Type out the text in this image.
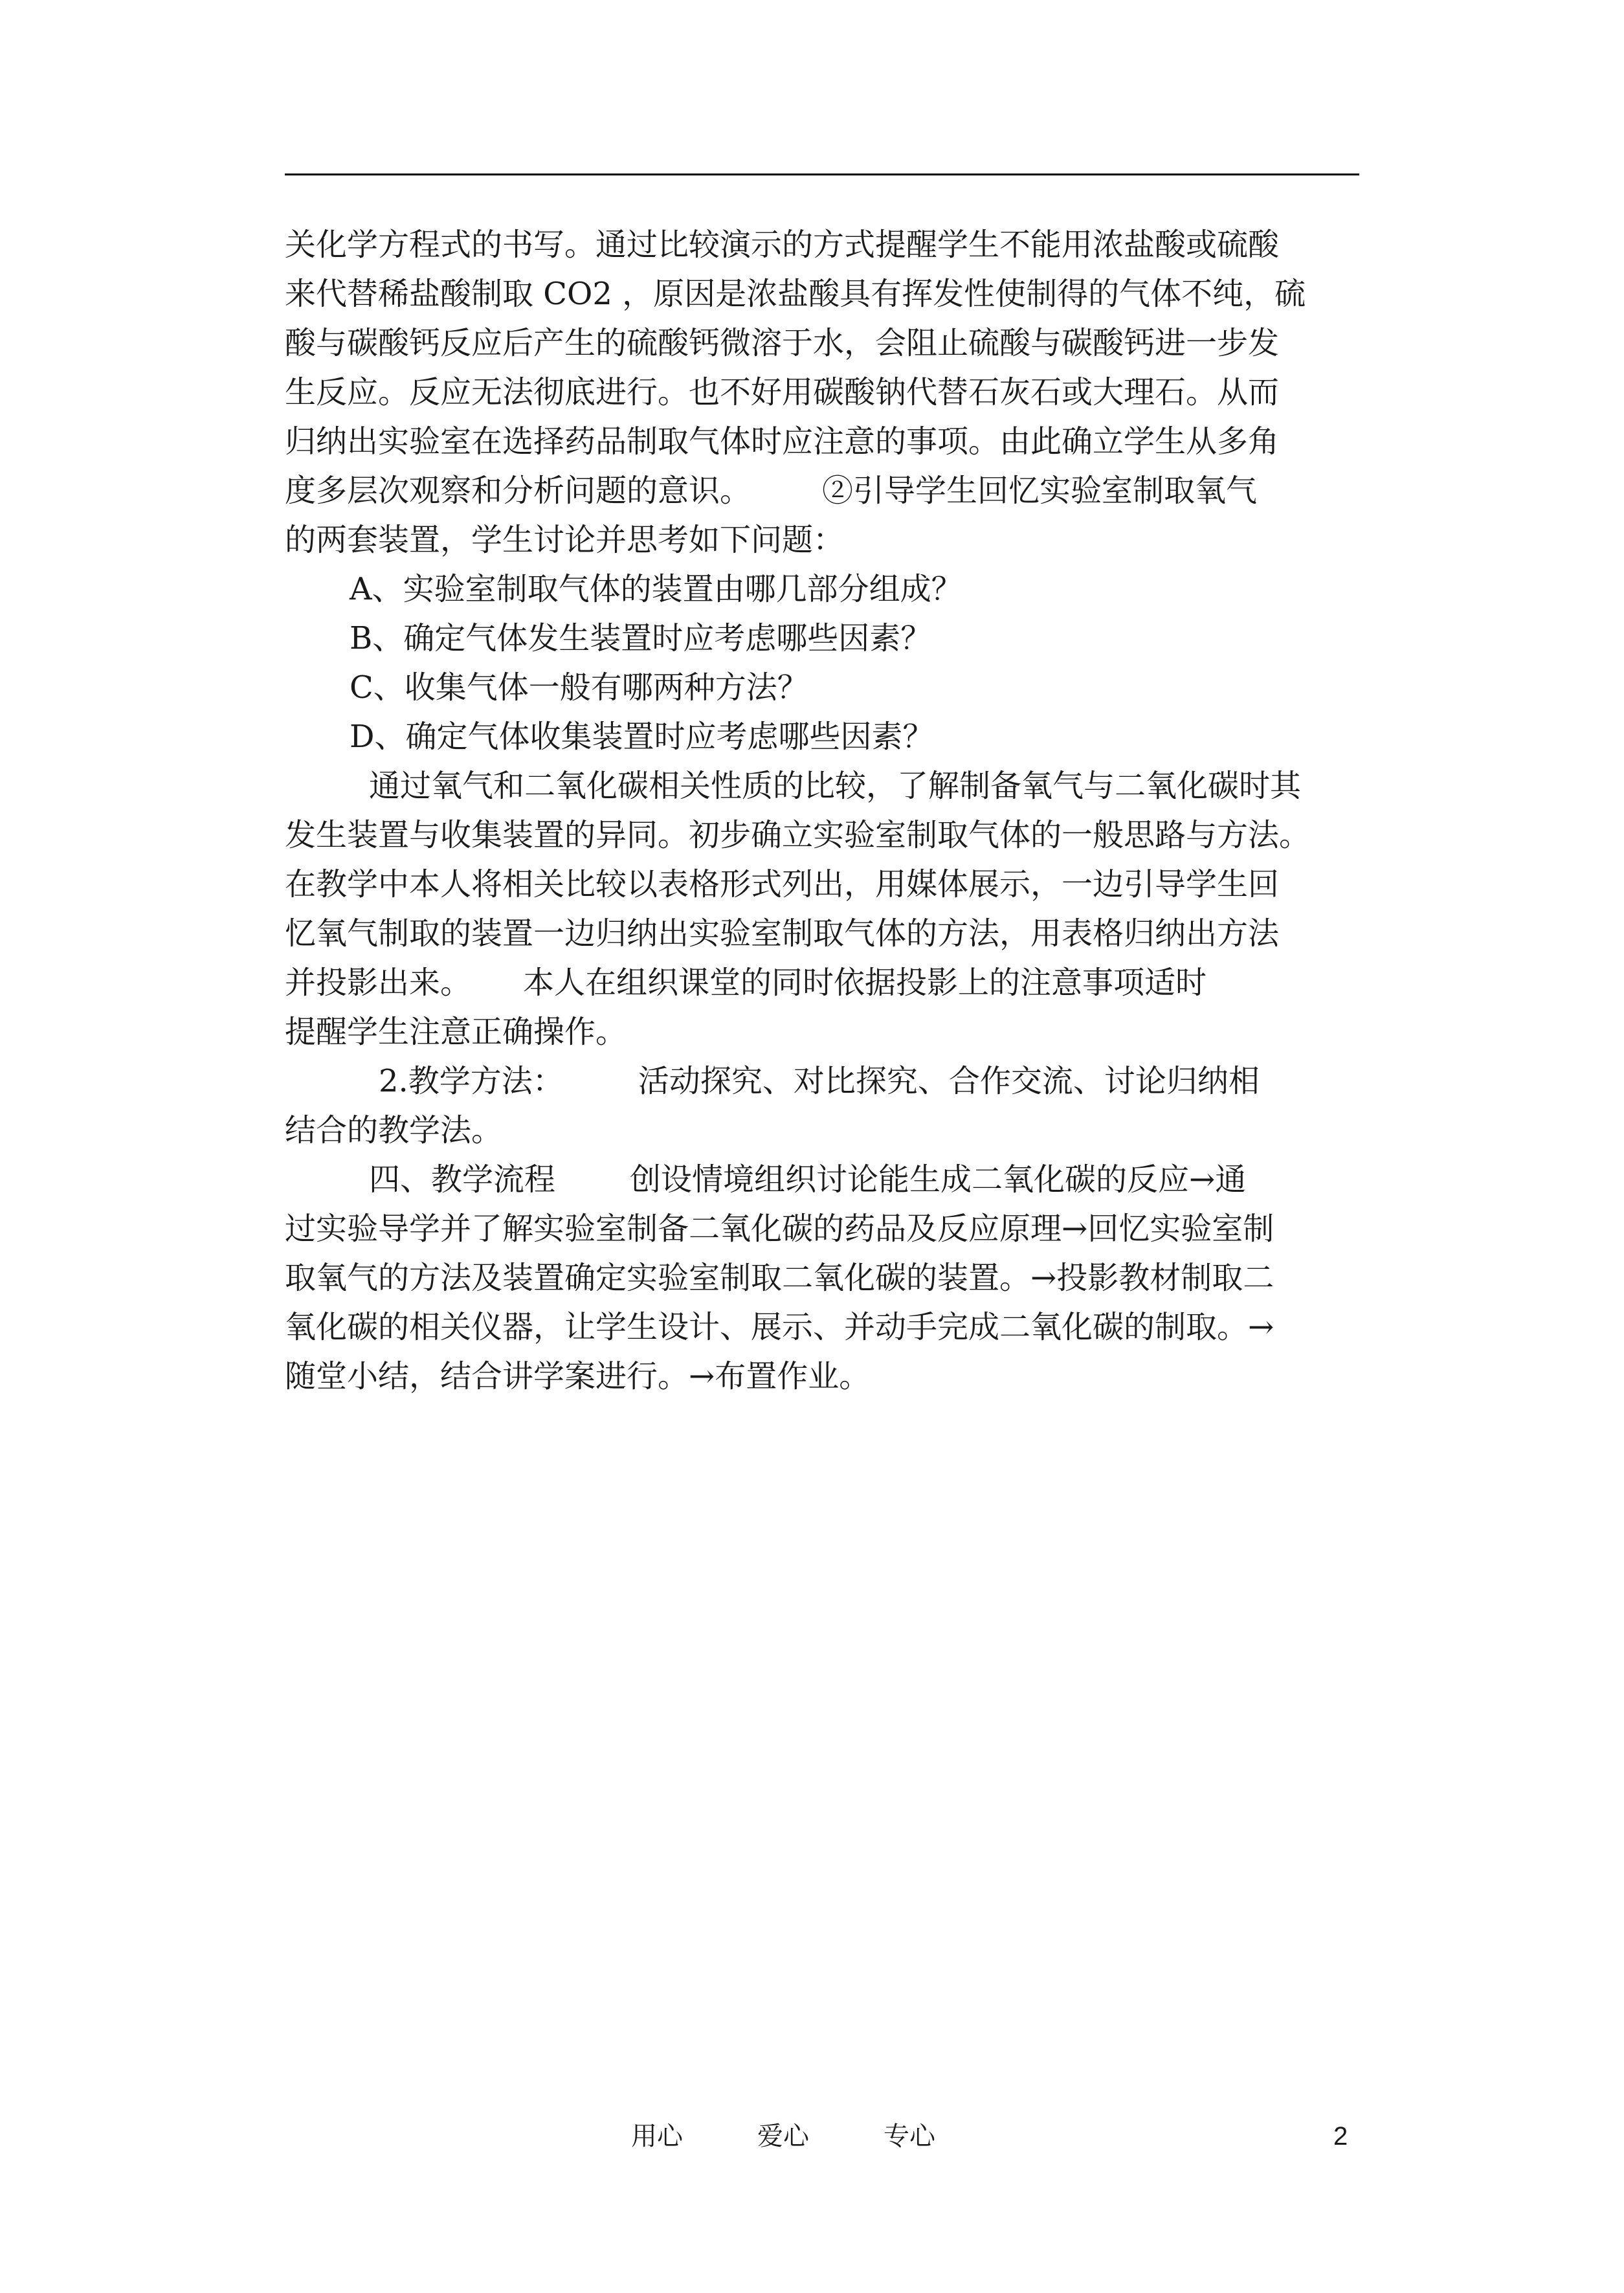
关化学方程式的书写。通过比较演示的方式提醒学生不能用浓盐酸或硫酸
来代替稀盐酸制取 CO2 ，原因是浓盐酸具有挥发性使制得的气体不纯，硫
酸与碳酸钙反应后产生的硫酸钙微溶于水，会阻止硫酸与碳酸钙进一步发
生反应。反应无法彻底进行。也不好用碳酸钠代替石灰石或大理石。从而
归纳出实验室在选择药品制取气体时应注意的事项。由此确立学生从多角
度多层次观察和分析问题的意识。 ②引导学生回忆实验室制取氧气
的两套装置，学生讨论并思考如下问题：
A、实验室制取气体的装置由哪几部分组成？
B、确定气体发生装置时应考虑哪些因素？
C、收集气体一般有哪两种方法？
D、确定气体收集装置时应考虑哪些因素？
通过氧气和二氧化碳相关性质的比较，了解制备氧气与二氧化碳时其
发生装置与收集装置的异同。初步确立实验室制取气体的一般思路与方法。
在教学中本人将相关比较以表格形式列出，用媒体展示，一边引导学生回
忆氧气制取的装置一边归纳出实验室制取气体的方法，用表格归纳出方法
并投影出来。 本人在组织课堂的同时依据投影上的注意事项适时
提醒学生注意正确操作。
2.教学方法： 活动探究、对比探究、合作交流、讨论归纳相
结合的教学法。
四、教学流程 创设情境组织讨论能生成二氧化碳的反应→通
过实验导学并了解实验室制备二氧化碳的药品及反应原理→回忆实验室制
取氧气的方法及装置确定实验室制取二氧化碳的装置。→投影教材制取二
氧化碳的相关仪器，让学生设计、展示、并动手完成二氧化碳的制取。→
随堂小结，结合讲学案进行。→布置作业。
用心	爱心	专心	2
